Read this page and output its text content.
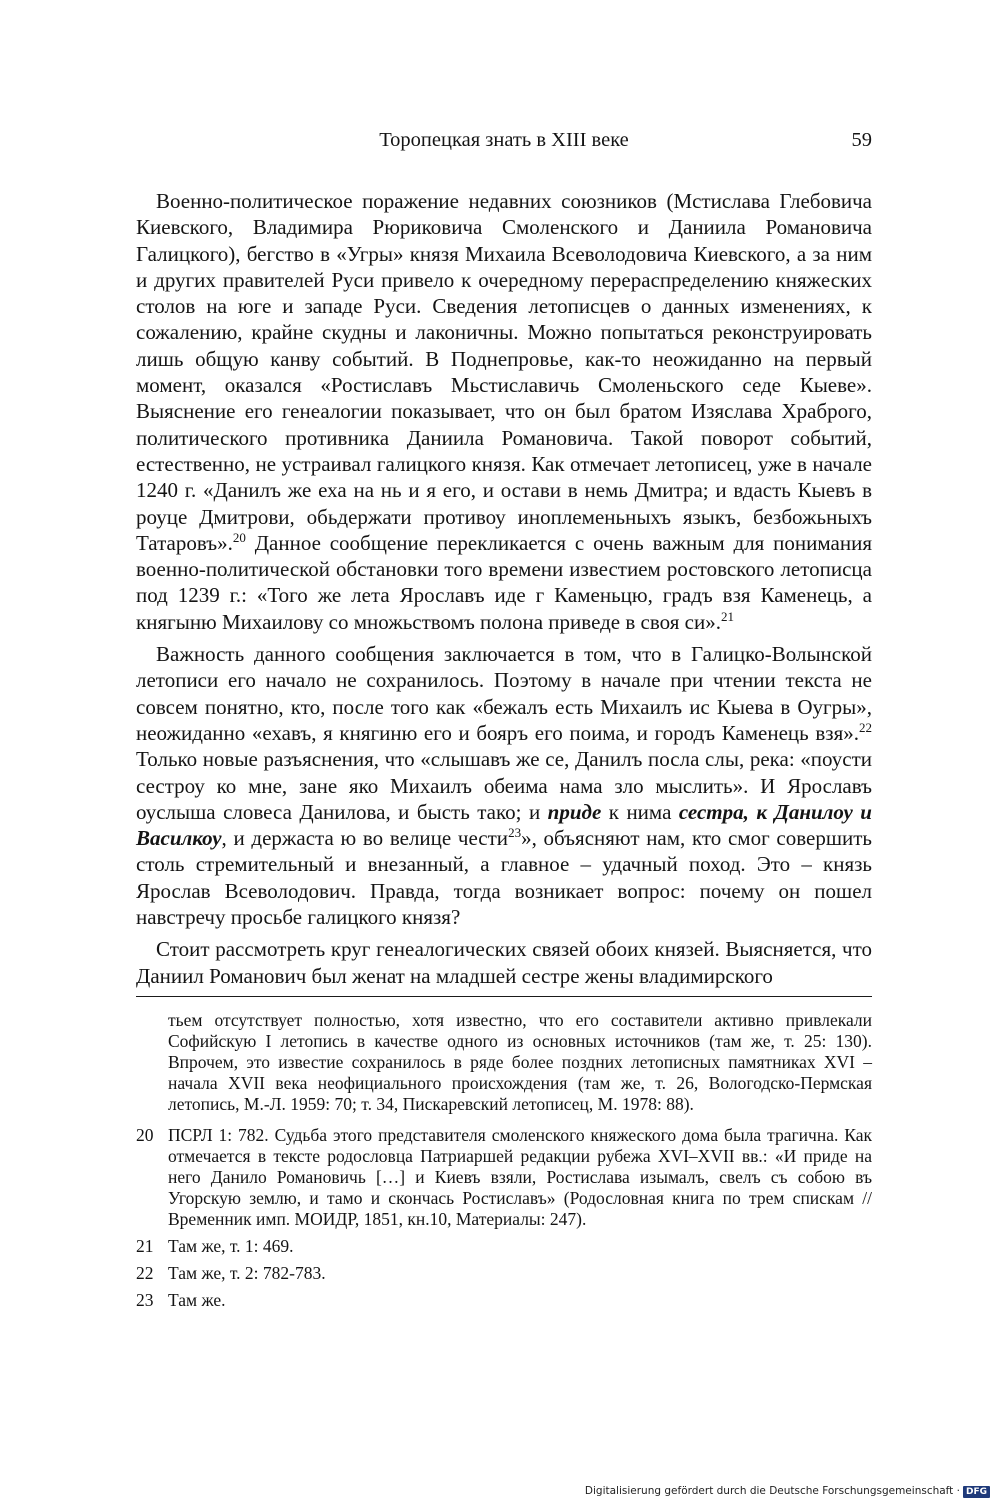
Торопецкая знать в XIII веке	59

Военно-политическое поражение недавних союзников (Мстислава Глебовича Киевского, Владимира Рюриковича Смоленского и Даниила Романовича Галицкого), бегство в «Угры» князя Михаила Всеволодовича Киевского, а за ним и других правителей Руси привело к очередному перераспределению княжеских столов на юге и западе Руси. Сведения летописцев о данных изменениях, к сожалению, крайне скудны и лаконичны. Можно попытаться реконструировать лишь общую канву событий. В Поднепровье, как-то неожиданно на первый момент, оказался «Ростиславъ Мьстиславичь Смоленьского седе Кыеве». Выяснение его генеалогии показывает, что он был братом Изяслава Храброго, политического противника Даниила Романовича. Такой поворот событий, естественно, не устраивал галицкого князя. Как отмечает летописец, уже в начале 1240 г. «Данилъ же еха на нь и я его, и остави в немь Дмитра; и вдасть Кыевъ в роуце Дмитрови, обьдержати противоу иноплеменьныхъ языкъ, безбожьныхъ Татаровъ».$^{20}$ Данное сообщение перекликается с очень важным для понимания военно-политической обстановки того времени известием ростовского летописца под 1239 г.: «Того же лета Ярославъ иде г Каменьцю, градъ взя Каменець, а княгыню Михаилову со множьствомъ полона приведе в своя си».$^{21}$

Важность данного сообщения заключается в том, что в Галицко-Волынской летописи его начало не сохранилось. Поэтому в начале при чтении текста не совсем понятно, кто, после того как «бежалъ есть Михаилъ ис Кыева в Оугры», неожиданно «ехавъ, я княгиню его и бояръ его поима, и городъ Каменець взя».$^{22}$ Только новые разъяснения, что «слышавъ же се, Данилъ посла слы, река: «поусти сестроу ко мне, зане яко Михаилъ обеима нама зло мыслить». И Ярославъ оуслыша словеса Данилова, и бысть тако; и приде к нима сестра, к Данилоу и Василкоу, и держаста ю во велице чести$^{23}$», объясняют нам, кто смог совершить столь стремительный и внезанный, а главное – удачный поход. Это – князь Ярослав Всеволодович. Правда, тогда возникает вопрос: почему он пошел навстречу просьбе галицкого князя?

Стоит рассмотреть круг генеалогических связей обоих князей. Выясняется, что Даниил Романович был женат на младшей сестре жены владимирского

тьем отсутствует полностью, хотя известно, что его составители активно привлекали Софийскую I летопись в качестве одного из основных источников (там же, т. 25: 130). Впрочем, это известие сохранилось в ряде более поздних летописных памятниках XVI – начала XVII века неофициального происхождения (там же, т. 26, Вологодско-Пермская летопись, М.-Л. 1959: 70; т. 34, Пискаревский летописец, М. 1978: 88).

20 ПСРЛ 1: 782. Судьба этого представителя смоленского княжеского дома была трагична. Как отмечается в тексте родословца Патриаршей редакции рубежа XVI–XVII вв.: «И приде на него Данило Романовичь […] и Киевъ взяли, Ростислава изымалъ, свелъ съ собою въ Угорскую землю, и тамо и скончась Ростиславъ» (Родословная книга по трем спискам // Временник имп. МОИДР, 1851, кн.10, Материалы: 247).

21 Там же, т. 1: 469.

22 Там же, т. 2: 782-783.

23 Там же.

Digitalisierung gefördert durch die Deutsche Forschungsgemeinschaft · DFG
